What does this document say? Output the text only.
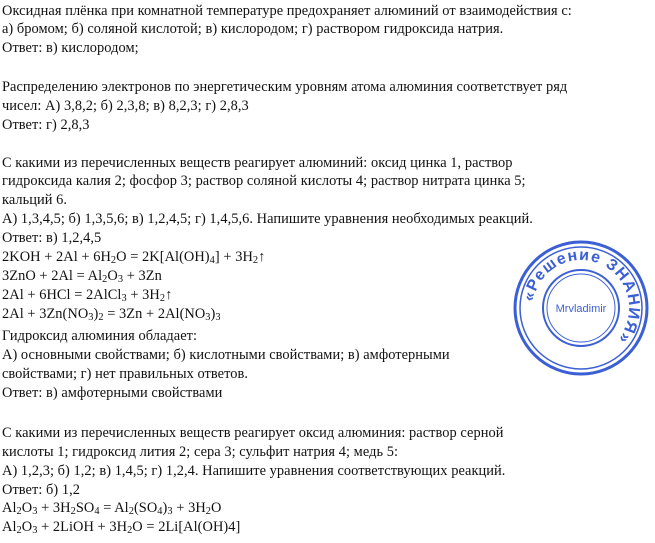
Оксидная плёнка при комнатной температуре предохраняет алюминий от взаимодействия с:
а) бромом; б) соляной кислотой; в) кислородом; г) раствором гидроксида натрия.
Ответ: в) кислородом;
Распределению электронов по энергетическим уровням атома алюминия соответствует ряд
чисел: А) 3,8,2; б) 2,3,8; в) 8,2,3; г) 2,8,3
Ответ: г) 2,8,3
С какими из перечисленных веществ реагирует алюминий: оксид цинка 1, раствор
гидроксида калия 2; фосфор 3; раствор соляной кислоты 4; раствор нитрата цинка 5;
кальций 6.
А) 1,3,4,5; б) 1,3,5,6; в) 1,2,4,5; г) 1,4,5,6. Напишите уравнения необходимых реакций.
Ответ: в) 1,2,4,5
$2KOH + 2Al + 6H_2O = 2K[Al(OH)_4]$ + $3H_2↑$
$3ZnO + 2Al = Al_2O_3 + 3Zn$
2Al + 6HCl = 2AlCl$_3$ + $3H_2↑$
$2Al + 3Zn(NO_3)_2 = 3Zn + 2Al(NO_3)_3$
Гидроксид алюминия обладает:
А) основными свойствами; б) кислотными свойствами; в) амфотерными
свойствами; г) нет правильных ответов.
Ответ: в) амфотерными свойствами
С какими из перечисленных веществ реагирует оксид алюминия: раствор серной
кислоты 1; гидроксид лития 2; сера 3; сульфит натрия 4; медь 5:
А) 1,2,3; б) 1,2; в) 1,4,5; г) 1,2,4. Напишите уравнения соответствующих реакций.
Ответ: б) 1,2
$Al_2O_3 + 3H_2SO_4 = Al_2(SO_4)_3 + 3H_2O$
$Al_2O_3$ + 2LiOH + $3H_2O = 2Li[Al(OH)4]$
«Решение ЗНАНИЯ»
Mrvladimir
